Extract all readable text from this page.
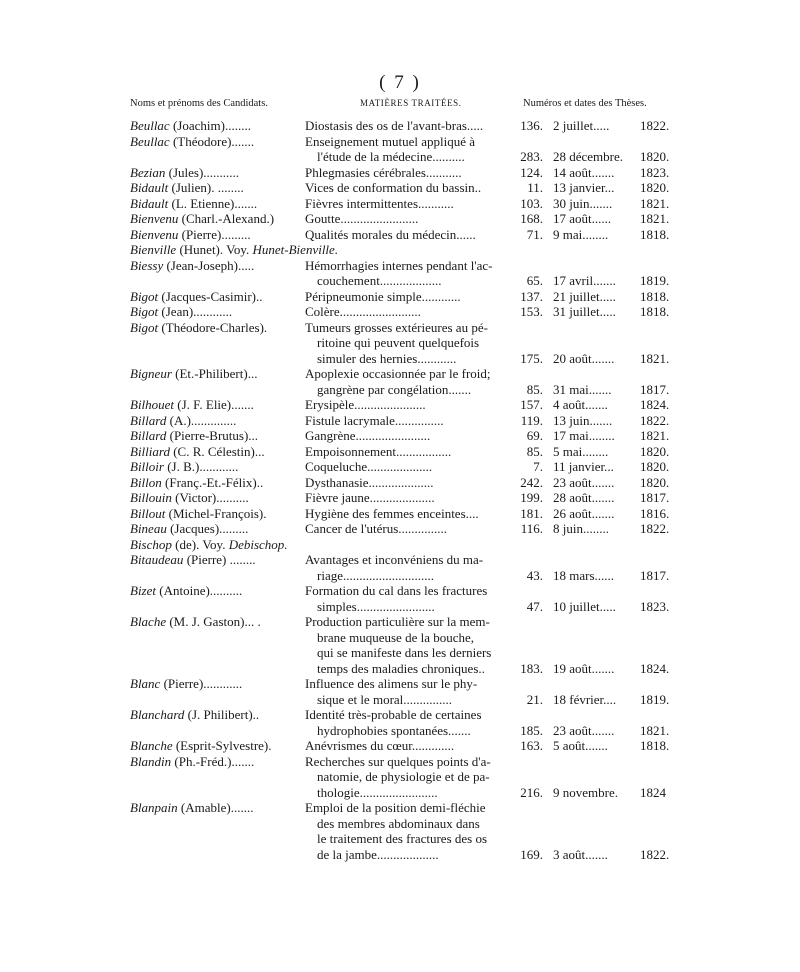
( 7 )
Noms et prénoms des Candidats.	MATIÈRES TRAITÉES.	Numéros et dates des Thèses.
Beullac (Joachim)........	Diostasis des os de l'avant-bras.....	136. 2 juillet..... 1822.
Beullac (Théodore).......	Enseignement mutuel appliqué à
l'étude de la médecine..........	283. 28 décembre. 1820.
Bezian (Jules)...........	Phlegmasies cérébrales...........	124. 14 août....... 1823.
Bidault (Julien). ........	Vices de conformation du bassin..	11. 13 janvier... 1820.
Bidault (L. Etienne).......	Fièvres intermittentes...........	103. 30 juin....... 1821.
Bienvenu (Charl.-Alexand.)	Goutte........................	168. 17 août...... 1821.
Bienvenu (Pierre).........	Qualités morales du médecin......	71. 9 mai........ 1818.
Bienville (Hunet). Voy. Hunet-Bienville.
Biessy (Jean-Joseph).....	Hémorrhagies internes pendant l'ac-
couchement...................	65. 17 avril....... 1819.
Bigot (Jacques-Casimir)..	Péripneumonie simple............	137. 21 juillet..... 1818.
Bigot (Jean)............	Colère.........................	153. 31 juillet..... 1818.
Bigot (Théodore-Charles).	Tumeurs grosses extérieures au pé-
ritoine qui peuvent quelquefois
simuler des hernies............	175. 20 août....... 1821.
Bigneur (Et.-Philibert)...	Apoplexie occasionnée par le froid;
gangrène par congélation.......	85. 31 mai....... 1817.
Bilhouet (J. F. Elie).......	Erysipèle......................	157. 4 août....... 1824.
Billard (A.)..............	Fistule lacrymale...............	119. 13 juin....... 1822.
Billard (Pierre-Brutus)...	Gangrène.......................	69. 17 mai........ 1821.
Billiard (C. R. Célestin)...	Empoisonnement.................	85. 5 mai........ 1820.
Billoir (J. B.)............	Coqueluche....................	7. 11 janvier... 1820.
Billon (Franç.-Et.-Félix)..	Dysthanasie....................	242. 23 août....... 1820.
Billouin (Victor)..........	Fièvre jaune....................	199. 28 août....... 1817.
Billout (Michel-François).	Hygiène des femmes enceintes....	181. 26 août....... 1816.
Bineau (Jacques).........	Cancer de l'utérus...............	116. 8 juin........ 1822.
Bischop (de). Voy. Debischop.
Bitaudeau (Pierre) ........	Avantages et inconvéniens du ma-
riage............................	43. 18 mars...... 1817.
Bizet (Antoine)..........	Formation du cal dans les fractures
simples........................	47. 10 juillet..... 1823.
Blache (M. J. Gaston)... .	Production particulière sur la mem-
brane muqueuse de la bouche,
qui se manifeste dans les derniers
temps des maladies chroniques..	183. 19 août....... 1824.
Blanc (Pierre)............	Influence des alimens sur le phy-
sique et le moral...............	21. 18 février.... 1819.
Blanchard (J. Philibert)..	Identité très-probable de certaines
hydrophobies spontanées.......	185. 23 août....... 1821.
Blanche (Esprit-Sylvestre).	Anévrismes du cœur.............	163. 5 août....... 1818.
Blandin (Ph.-Fréd.).......	Recherches sur quelques points d'a-
natomie, de physiologie et de pa-
thologie........................	216. 9 novembre. 1824
Blanpain (Amable).......	Emploi de la position demi-fléchie
des membres abdominaux dans
le traitement des fractures des os
de la jambe...................	169. 3 août....... 1822.
